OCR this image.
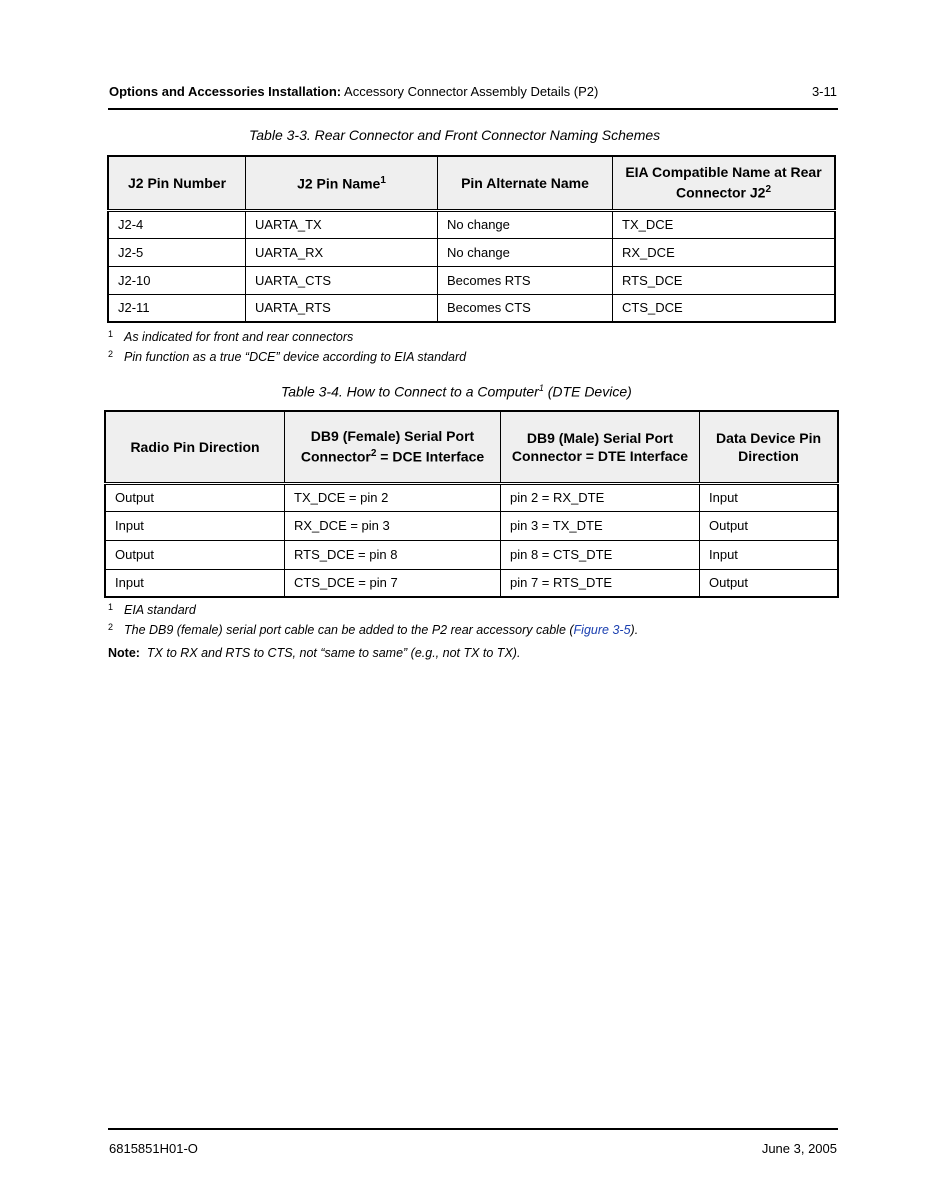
Options and Accessories Installation: Accessory Connector Assembly Details (P2)	3-11
Table 3-3. Rear Connector and Front Connector Naming Schemes
J2 Pin Number	J2 Pin Name$^1$	Pin Alternate Name	EIA Compatible Name at Rear Connector $J2^2$
J2-4	UARTA_TX	No change	TX_DCE
J2-5	UARTA_RX	No change	RX_DCE
J2-10	UARTA_CTS	Becomes RTS	RTS_DCE
J2-11	UARTA_RTS	Becomes CTS	CTS_DCE
$^1$ As indicated for front and rear connectors
$^2$ Pin function as a true “DCE” device according to EIA standard
Table 3-4. How to Connect to a Computer$^1$ (DTE Device)
Radio Pin Direction	DB9 (Female) Serial Port Connector$^2$ = DCE Interface	DB9 (Male) Serial Port Connector = DTE Interface	Data Device Pin Direction
Output	TX_DCE = pin 2	pin 2 = RX_DTE	Input
Input	RX_DCE = pin 3	pin 3 = TX_DTE	Output
Output	RTS_DCE = pin 8	pin 8 = CTS_DTE	Input
Input	CTS_DCE = pin 7	pin 7 = RTS_DTE	Output
$^1$ EIA standard
$^2$ The DB9 (female) serial port cable can be added to the P2 rear accessory cable (Figure 3-5).
Note: TX to RX and RTS to CTS, not “same to same” (e.g., not TX to TX).
6815851H01-O	June 3, 2005
